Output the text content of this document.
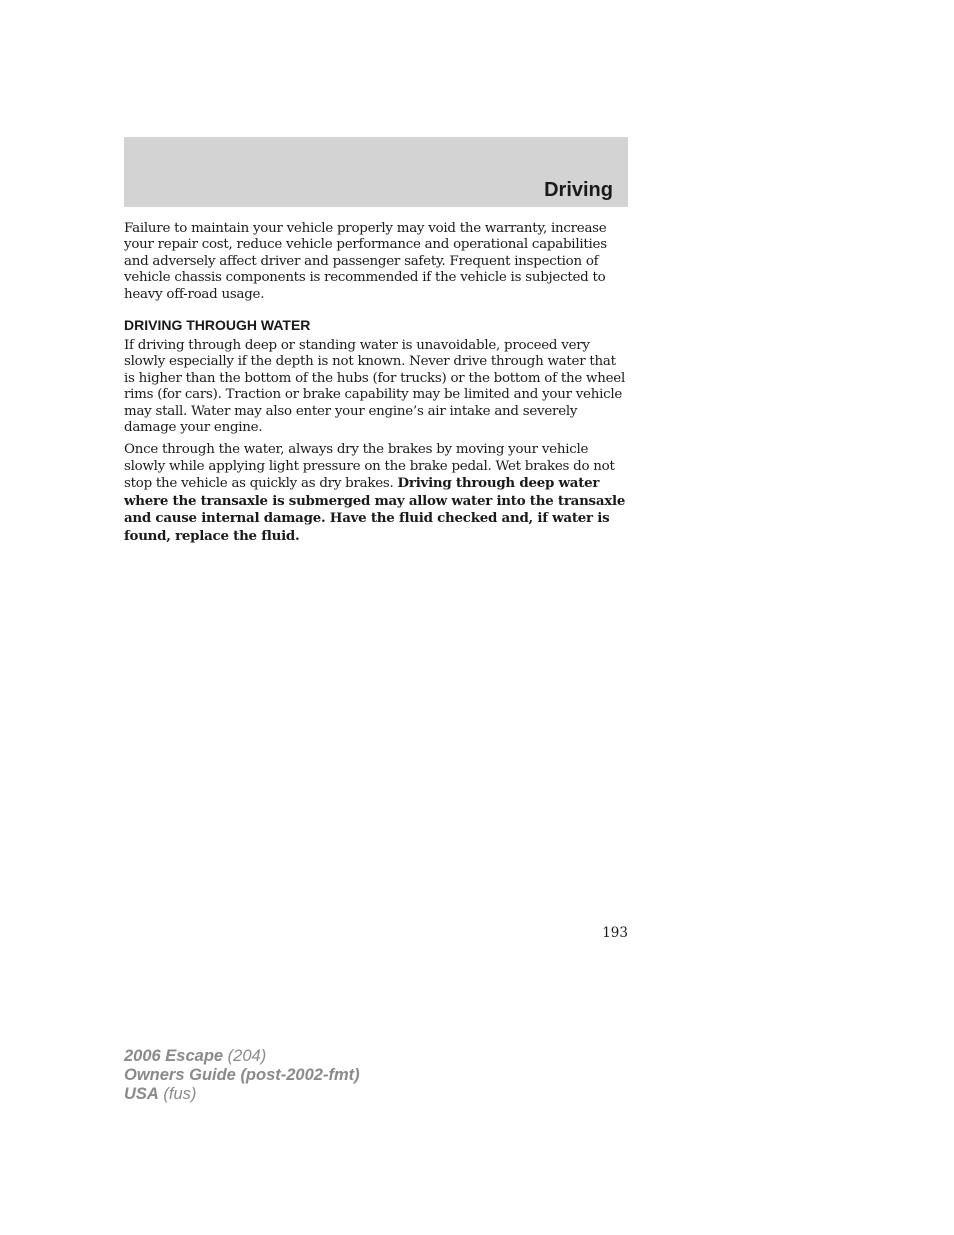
Driving

Failure to maintain your vehicle properly may void the warranty, increase your repair cost, reduce vehicle performance and operational capabilities and adversely affect driver and passenger safety. Frequent inspection of vehicle chassis components is recommended if the vehicle is subjected to heavy off-road usage.

DRIVING THROUGH WATER

If driving through deep or standing water is unavoidable, proceed very slowly especially if the depth is not known. Never drive through water that is higher than the bottom of the hubs (for trucks) or the bottom of the wheel rims (for cars). Traction or brake capability may be limited and your vehicle may stall. Water may also enter your engine’s air intake and severely damage your engine.

Once through the water, always dry the brakes by moving your vehicle slowly while applying light pressure on the brake pedal. Wet brakes do not stop the vehicle as quickly as dry brakes. Driving through deep water where the transaxle is submerged may allow water into the transaxle and cause internal damage. Have the fluid checked and, if water is found, replace the fluid.

193
2006 Escape (204)
Owners Guide (post-2002-fmt)
USA (fus)
